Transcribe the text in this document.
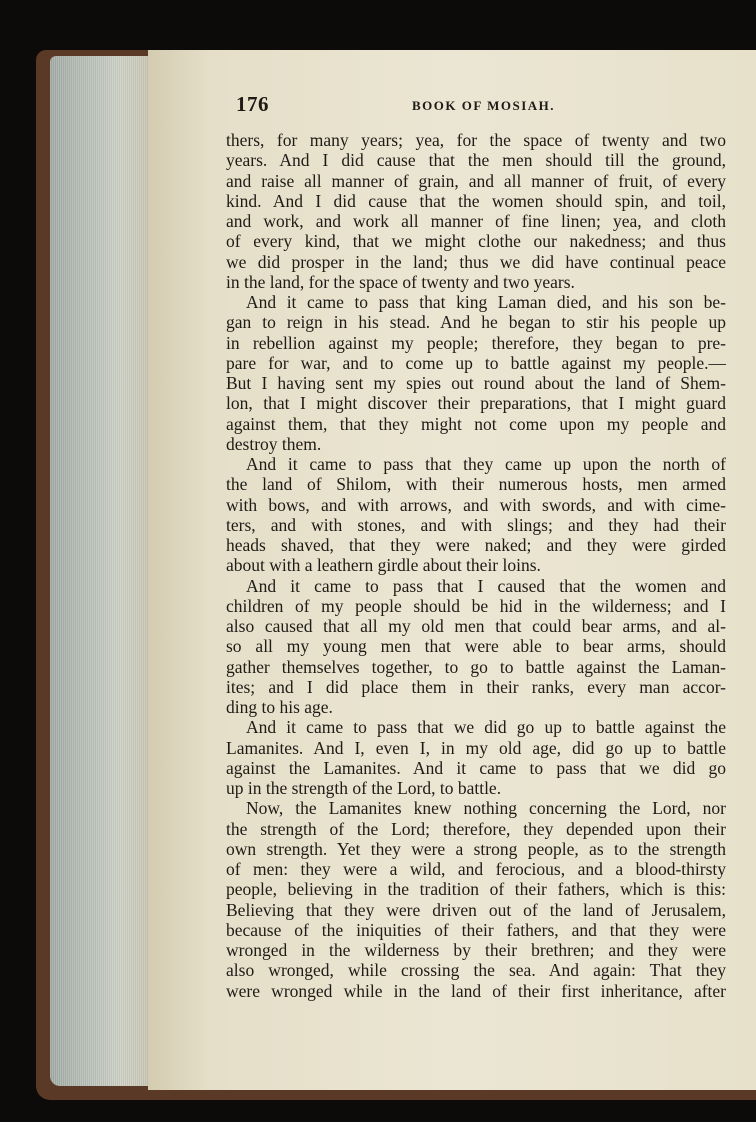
176	BOOK OF MOSIAH.
thers, for many years; yea, for the space of twenty and two
years. And I did cause that the men should till the ground,
and raise all manner of grain, and all manner of fruit, of every
kind. And I did cause that the women should spin, and toil,
and work, and work all manner of fine linen; yea, and cloth
of every kind, that we might clothe our nakedness; and thus
we did prosper in the land; thus we did have continual peace
in the land, for the space of twenty and two years.
And it came to pass that king Laman died, and his son be-
gan to reign in his stead. And he began to stir his people up
in rebellion against my people; therefore, they began to pre-
pare for war, and to come up to battle against my people.—
But I having sent my spies out round about the land of Shem-
lon, that I might discover their preparations, that I might guard
against them, that they might not come upon my people and
destroy them.
And it came to pass that they came up upon the north of
the land of Shilom, with their numerous hosts, men armed
with bows, and with arrows, and with swords, and with cime-
ters, and with stones, and with slings; and they had their
heads shaved, that they were naked; and they were girded
about with a leathern girdle about their loins.
And it came to pass that I caused that the women and
children of my people should be hid in the wilderness; and I
also caused that all my old men that could bear arms, and al-
so all my young men that were able to bear arms, should
gather themselves together, to go to battle against the Laman-
ites; and I did place them in their ranks, every man accor-
ding to his age.
And it came to pass that we did go up to battle against the
Lamanites. And I, even I, in my old age, did go up to battle
against the Lamanites. And it came to pass that we did go
up in the strength of the Lord, to battle.
Now, the Lamanites knew nothing concerning the Lord, nor
the strength of the Lord; therefore, they depended upon their
own strength. Yet they were a strong people, as to the strength
of men: they were a wild, and ferocious, and a blood-thirsty
people, believing in the tradition of their fathers, which is this:
Believing that they were driven out of the land of Jerusalem,
because of the iniquities of their fathers, and that they were
wronged in the wilderness by their brethren; and they were
also wronged, while crossing the sea. And again: That they
were wronged while in the land of their first inheritance, after
